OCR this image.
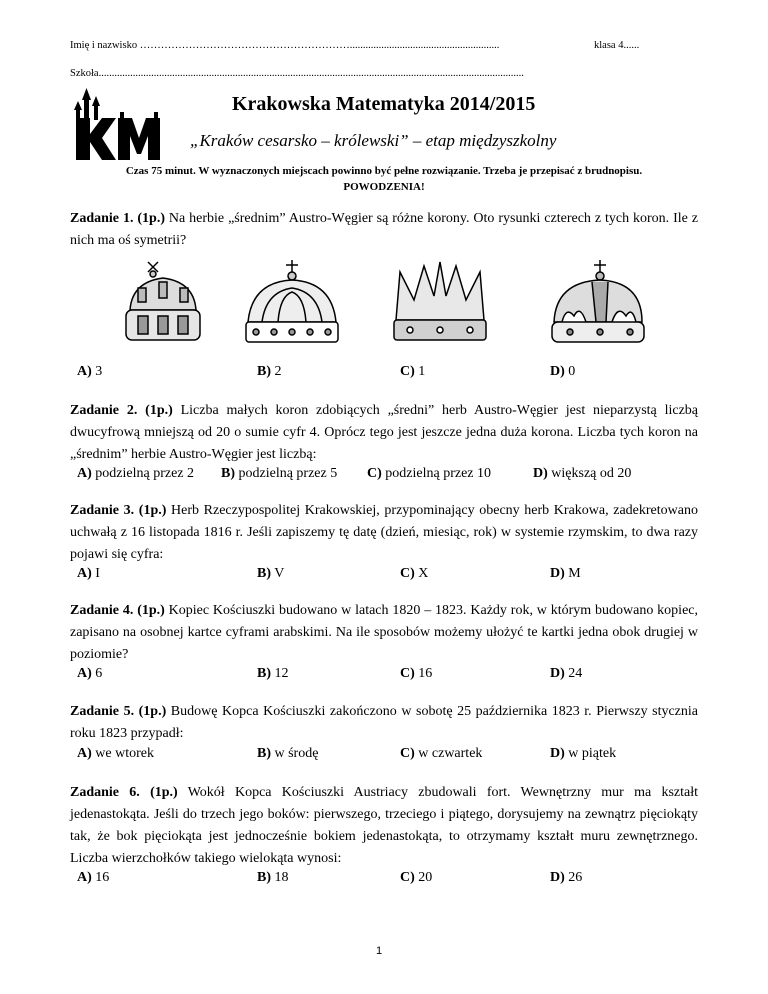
Imię i nazwisko …………………………………………………….........................................................	klasa 4......
Szkoła..................................................................................................................................................................
Krakowska Matematyka 2014/2015
„Kraków cesarsko – królewski” – etap międzyszkolny
Czas 75 minut. W wyznaczonych miejscach powinno być pełne rozwiązanie. Trzeba je przepisać z brudnopisu.
POWODZENIA!
Zadanie 1. (1p.) Na herbie „średnim” Austro-Węgier są różne korony. Oto rysunki czterech z tych koron. Ile z nich ma oś symetrii?
A) 3	B) 2	C) 1	D) 0
Zadanie 2. (1p.) Liczba małych koron zdobiących „średni” herb Austro-Węgier jest nieparzystą liczbą dwucyfrową mniejszą od 20 o sumie cyfr 4. Oprócz tego jest jeszcze jedna duża korona. Liczba tych koron na „średnim” herbie Austro-Węgier jest liczbą:
A) podzielną przez 2 B) podzielną przez 5 C) podzielną przez 10	D) większą od 20
Zadanie 3. (1p.) Herb Rzeczypospolitej Krakowskiej, przypominający obecny herb Krakowa, zadekretowano uchwałą z 16 listopada 1816 r. Jeśli zapiszemy tę datę (dzień, miesiąc, rok) w systemie rzymskim, to dwa razy pojawi się cyfra:
A) I	B) V	C) X	D) M
Zadanie 4. (1p.) Kopiec Kościuszki budowano w latach 1820 – 1823. Każdy rok, w którym budowano kopiec, zapisano na osobnej kartce cyframi arabskimi. Na ile sposobów możemy ułożyć te kartki jedna obok drugiej w poziomie?
A) 6	B) 12	C) 16	D) 24
Zadanie 5. (1p.) Budowę Kopca Kościuszki zakończono w sobotę 25 października 1823 r. Pierwszy stycznia roku 1823 przypadł:
A) we wtorek	B) w środę	C) w czwartek	D) w piątek
Zadanie 6. (1p.) Wokół Kopca Kościuszki Austriacy zbudowali fort. Wewnętrzny mur ma kształt jedenastokąta. Jeśli do trzech jego boków: pierwszego, trzeciego i piątego, dorysujemy na zewnątrz pięciokąty tak, że bok pięciokąta jest jednocześnie bokiem jedenastokąta, to otrzymamy kształt muru zewnętrznego. Liczba wierzchołków takiego wielokąta wynosi:
A) 16	B) 18	C) 20	D) 26
1
